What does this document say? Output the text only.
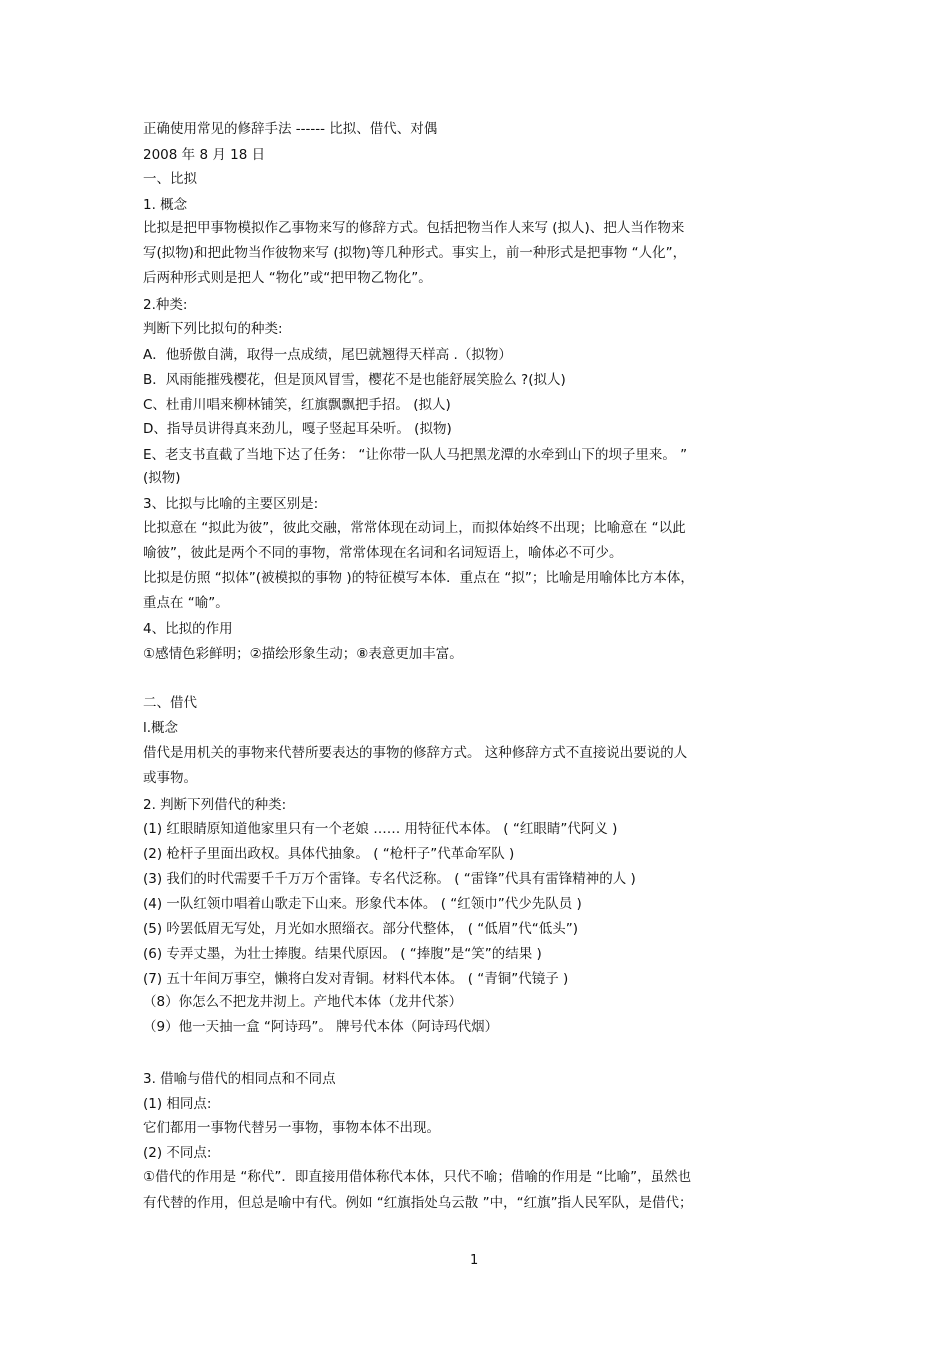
正确使用常见的修辞手法 ------ 比拟、借代、对偶
2008 年 8 月 18 日
一、比拟
1. 概念
比拟是把甲事物模拟作乙事物来写的修辞方式。包括把物当作人来写 (拟人)、把人当作物来
写(拟物)和把此物当作彼物来写 (拟物)等几种形式。事实上，前一种形式是把事物 “人化”，
后两种形式则是把人 “物化”或“把甲物乙物化”。
2.种类:
判断下列比拟句的种类:
A．他骄傲自满，取得一点成绩，尾巴就翘得天样高 .（拟物）
B．风雨能摧残樱花，但是顶风冒雪，樱花不是也能舒展笑脸么 ?(拟人)
C、杜甫川唱来柳林铺笑，红旗飘飘把手招。 (拟人)
D、指导员讲得真来劲儿，嘎子竖起耳朵听。 (拟物)
E、老支书直截了当地下达了任务： “让你带一队人马把黑龙潭的水牵到山下的坝子里来。 ”
(拟物)
3、比拟与比喻的主要区别是:
比拟意在 “拟此为彼”，彼此交融，常常体现在动词上，而拟体始终不出现；比喻意在 “以此
喻彼”，彼此是两个不同的事物，常常体现在名词和名词短语上，喻体必不可少。
比拟是仿照 “拟体”(被模拟的事物 )的特征模写本体．重点在 “拟”；比喻是用喻体比方本体，
重点在 “喻”。
4、比拟的作用
①感情色彩鲜明；②描绘形象生动；⑧表意更加丰富。
二、借代
l.概念
借代是用机关的事物来代替所要表达的事物的修辞方式。 这种修辞方式不直接说出要说的人
或事物。
2. 判断下列借代的种类:
(1) 红眼睛原知道他家里只有一个老娘 …… 用特征代本体。 ( “红眼睛”代阿义 )
(2) 枪杆子里面出政权。具体代抽象。 ( “枪杆子”代革命军队 )
(3) 我们的时代需要千千万万个雷锋。专名代泛称。 ( “雷锋”代具有雷锋精神的人 )
(4) 一队红领巾唱着山歌走下山来。形象代本体。 ( “红领巾”代少先队员 )
(5) 吟罢低眉无写处，月光如水照缁衣。部分代整体， ( “低眉”代“低头”)
(6) 专弄丈墨，为壮士捧腹。结果代原因。 ( “捧腹”是“笑”的结果 )
(7) 五十年间万事空，懒将白发对青铜。材料代本体。 ( “青铜”代镜子 )
（8）你怎么不把龙井沏上。产地代本体（龙井代茶）
（9）他一天抽一盒 “阿诗玛”。 牌号代本体（阿诗玛代烟）
3. 借喻与借代的相同点和不同点
(1) 相同点:
它们都用一事物代替另一事物，事物本体不出现。
(2) 不同点:
①借代的作用是 “称代”．即直接用借体称代本体，只代不喻；借喻的作用是 “比喻”，虽然也
有代替的作用，但总是喻中有代。例如 “红旗指处乌云散 ”中，“红旗”指人民军队，是借代；
1
